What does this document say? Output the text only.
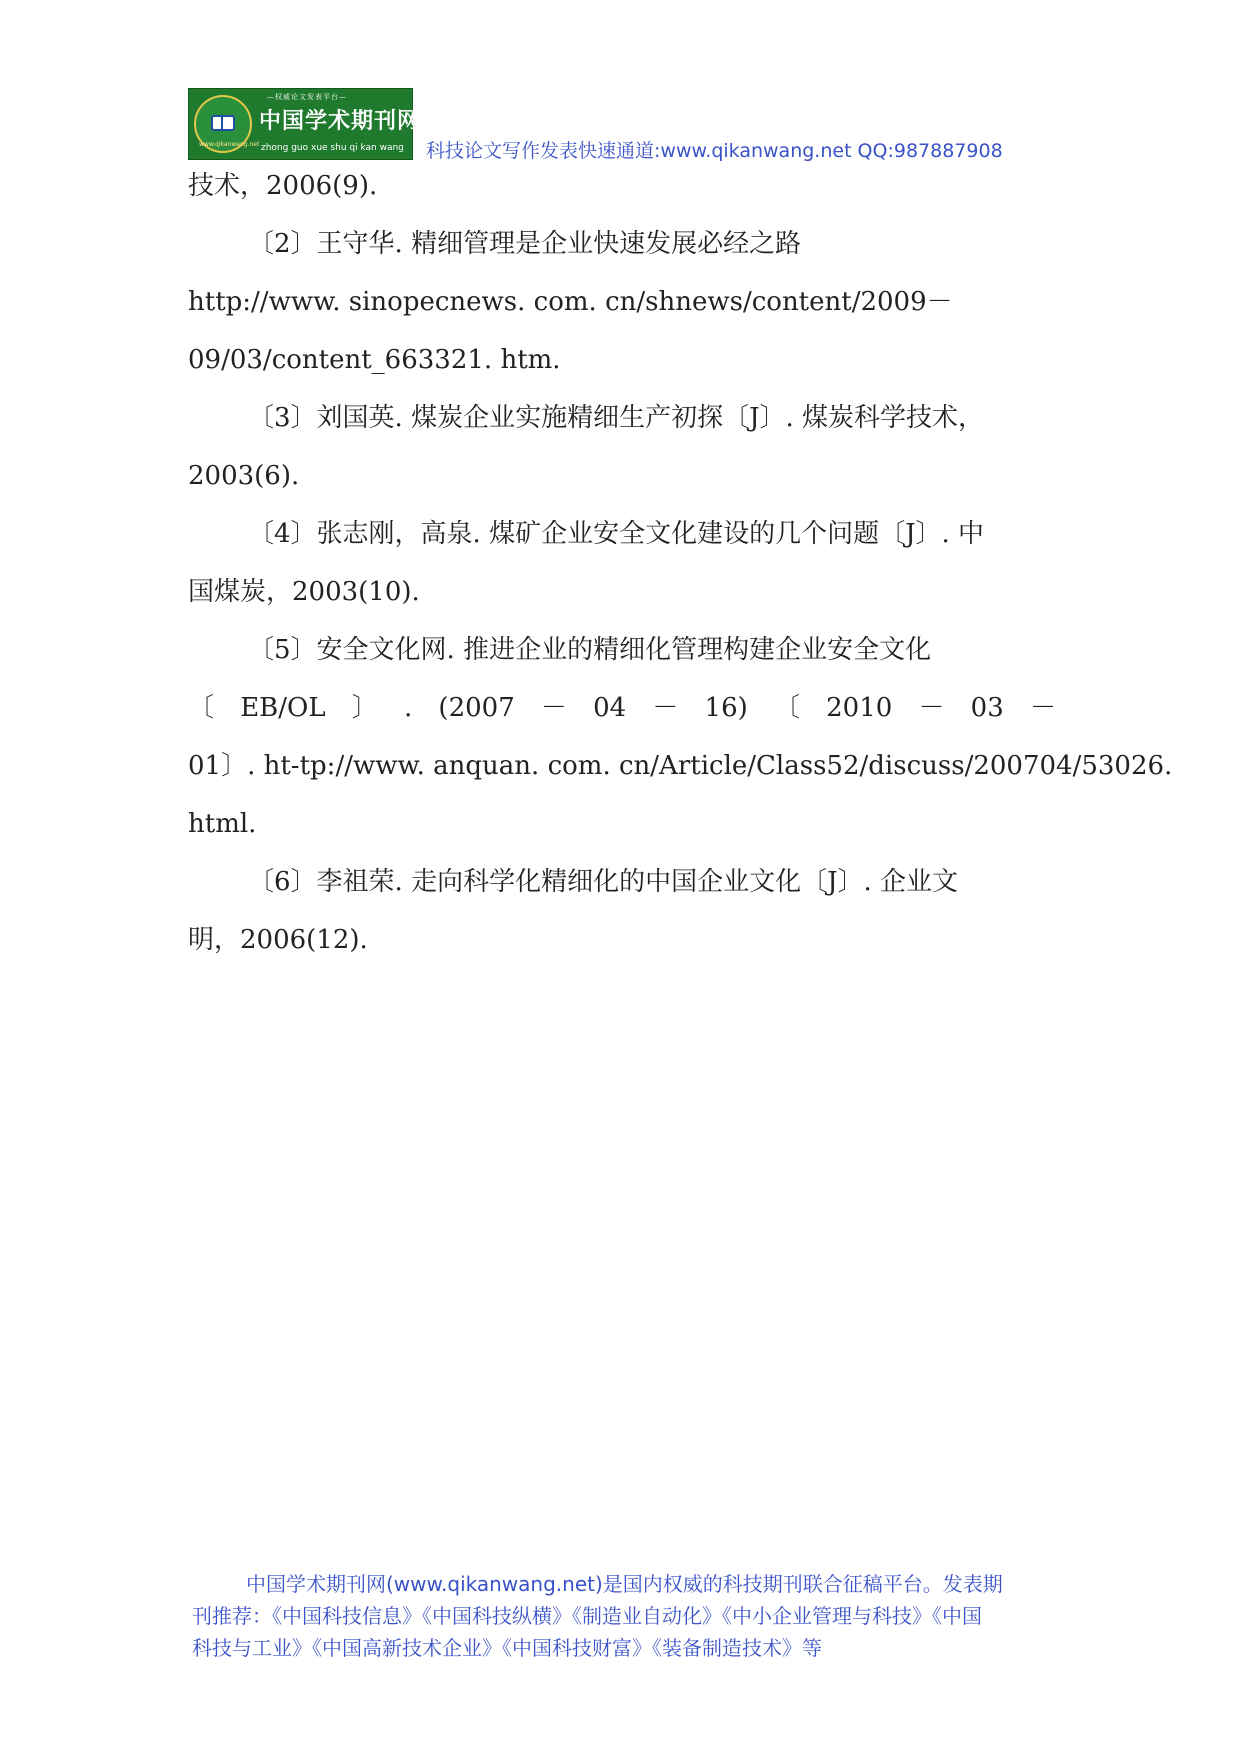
www.qikanwang.net
—权威论文发表平台—
中国学术期刊网
zhong guo xue shu qi kan wang 科技论文写作发表快速通道:www.qikanwang.net QQ:987887908
技术，2006(9).
〔2〕王守华. 精细管理是企业快速发展必经之路
http://www. sinopecnews. com. cn/shnews/content/2009－
09/03/content_663321. htm.
〔3〕刘国英. 煤炭企业实施精细生产初探〔J〕. 煤炭科学技术，
2003(6).
〔4〕张志刚，高泉. 煤矿企业安全文化建设的几个问题〔J〕. 中
国煤炭，2003(10).
〔5〕安全文化网. 推进企业的精细化管理构建企业安全文化
〔 EB/OL 〕 . (2007 － 04 － 16) 〔 2010 － 03 －
01〕. ht-tp://www. anquan. com. cn/Article/Class52/discuss/200704/53026.
html.
〔6〕李祖荣. 走向科学化精细化的中国企业文化〔J〕. 企业文
明，2006(12).
中国学术期刊网(www.qikanwang.net)是国内权威的科技期刊联合征稿平台。发表期
刊推荐：《中国科技信息》《中国科技纵横》《制造业自动化》《中小企业管理与科技》《中国
科技与工业》《中国高新技术企业》《中国科技财富》《装备制造技术》等
